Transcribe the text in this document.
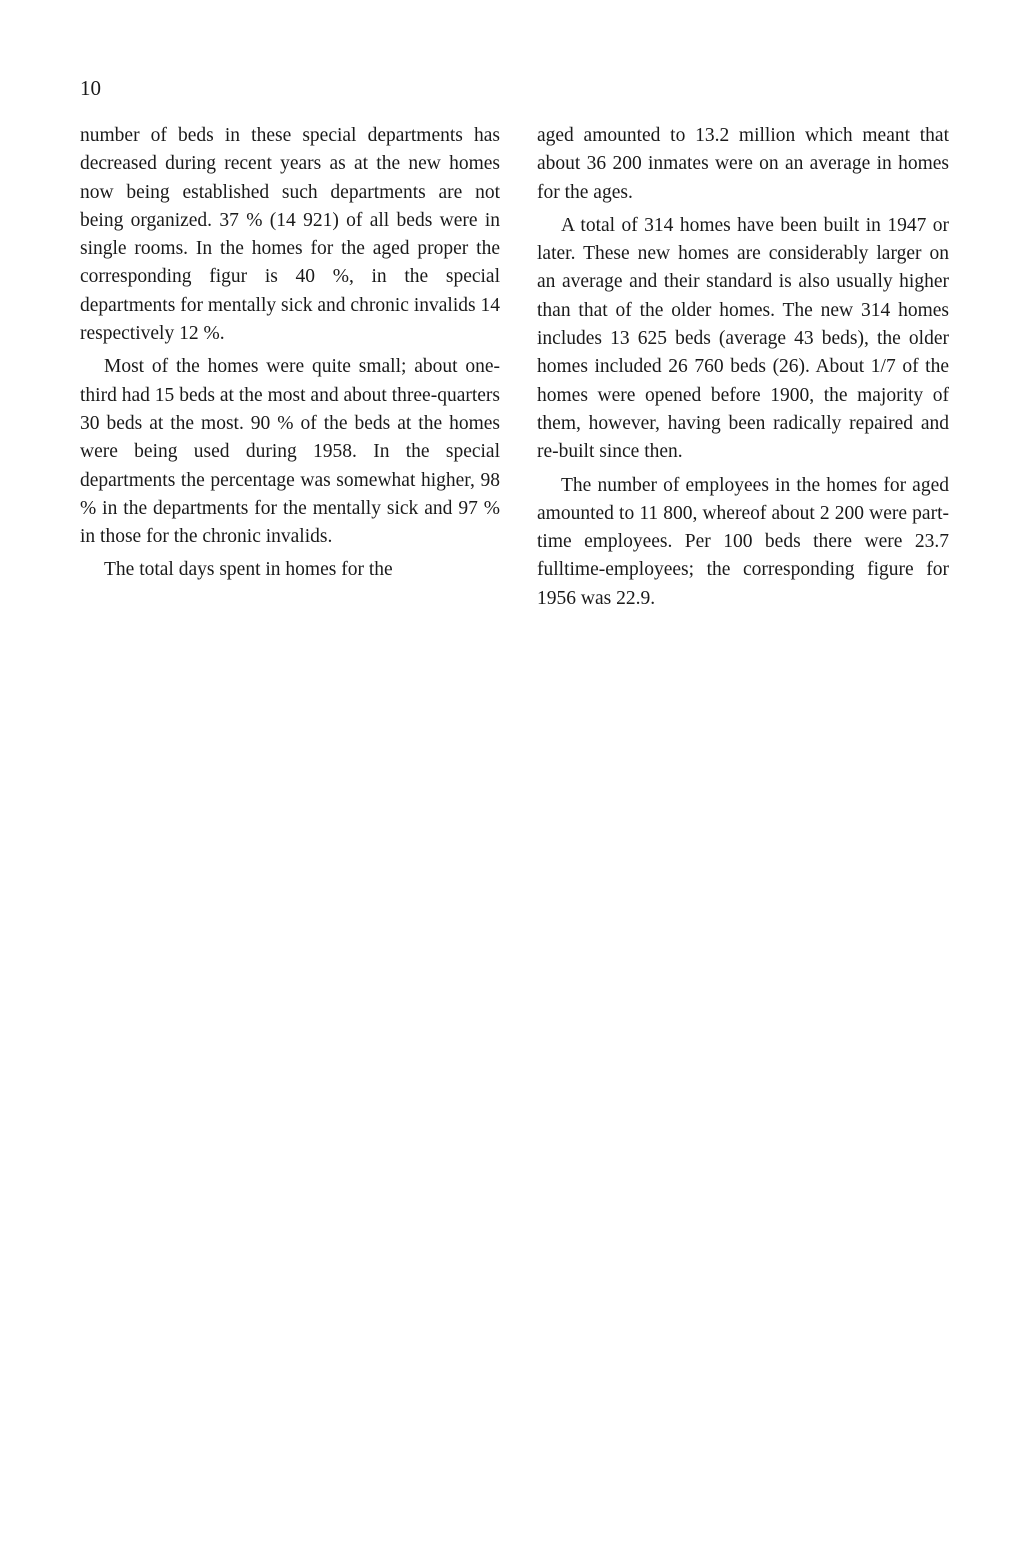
10

number of beds in these special departments has decreased during recent years as at the new homes now being established such departments are not being organized. 37 % (14 921) of all beds were in single rooms. In the homes for the aged proper the corresponding figur is 40 %, in the special departments for mentally sick and chronic invalids 14 respectively 12 %.

Most of the homes were quite small; about one-third had 15 beds at the most and about three-quarters 30 beds at the most. 90 % of the beds at the homes were being used during 1958. In the special departments the percentage was somewhat higher, 98 % in the departments for the mentally sick and 97 % in those for the chronic invalids.

The total days spent in homes for the

aged amounted to 13.2 million which meant that about 36 200 inmates were on an average in homes for the ages.

A total of 314 homes have been built in 1947 or later. These new homes are considerably larger on an average and their standard is also usually higher than that of the older homes. The new 314 homes includes 13 625 beds (average 43 beds), the older homes included 26 760 beds (26). About 1/7 of the homes were opened before 1900, the majority of them, however, having been radically repaired and re-built since then.

The number of employees in the homes for aged amounted to 11 800, whereof about 2 200 were part-time employees. Per 100 beds there were 23.7 fulltime-employees; the corresponding figure for 1956 was 22.9.
